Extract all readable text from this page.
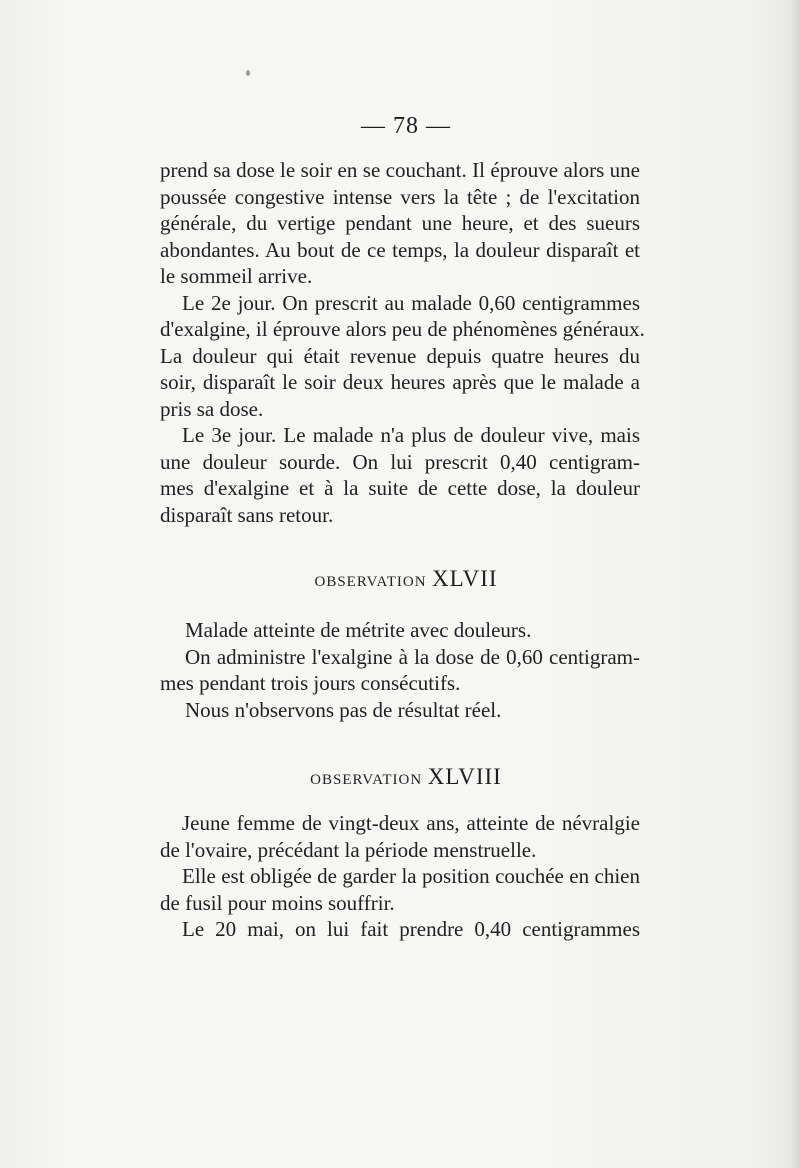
— 78 —
prend sa dose le soir en se couchant. Il éprouve alors une
poussée congestive intense vers la tête ; de l'excitation
générale, du vertige pendant une heure, et des sueurs
abondantes. Au bout de ce temps, la douleur disparaît et
le sommeil arrive.
Le 2e jour. On prescrit au malade 0,60 centigrammes
d'exalgine, il éprouve alors peu de phénomènes généraux.
La douleur qui était revenue depuis quatre heures du
soir, disparaît le soir deux heures après que le malade a
pris sa dose.
Le 3e jour. Le malade n'a plus de douleur vive, mais
une douleur sourde. On lui prescrit 0,40 centigram-
mes d'exalgine et à la suite de cette dose, la douleur
disparaît sans retour.
OBSERVATION XLVII
Malade atteinte de métrite avec douleurs.
On administre l'exalgine à la dose de 0,60 centigram-
mes pendant trois jours consécutifs.
Nous n'observons pas de résultat réel.
OBSERVATION XLVIII
Jeune femme de vingt-deux ans, atteinte de névralgie
de l'ovaire, précédant la période menstruelle.
Elle est obligée de garder la position couchée en chien
de fusil pour moins souffrir.
Le 20 mai, on lui fait prendre 0,40 centigrammes
